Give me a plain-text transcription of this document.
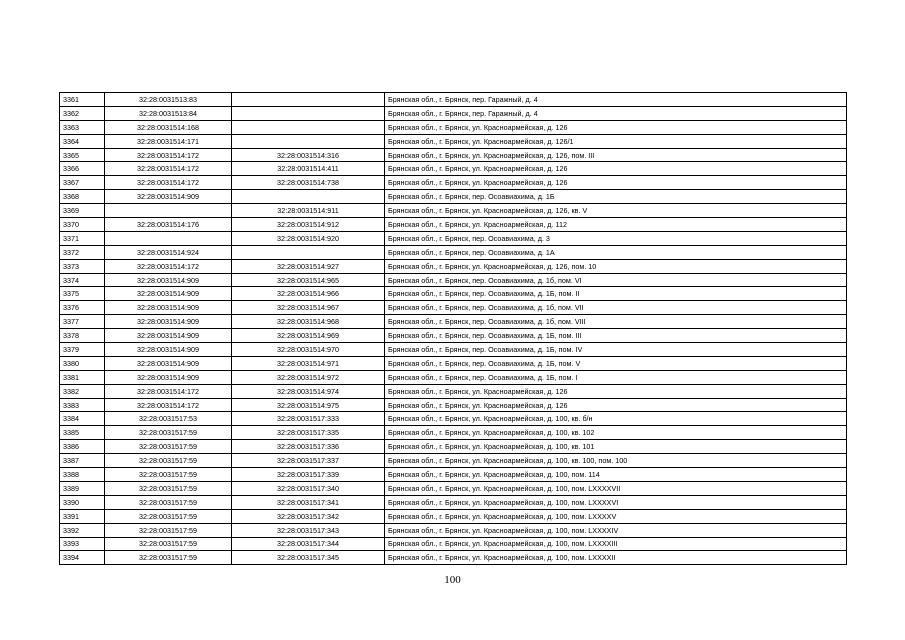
3361	32:28:0031513:83		Брянская обл., г. Брянск, пер. Гаражный, д. 4
3362	32:28:0031513:84		Брянская обл., г. Брянск, пер. Гаражный, д. 4
3363	32:28:0031514:168		Брянская обл., г. Брянск, ул. Красноармейская, д. 126
3364	32:28:0031514:171		Брянская обл., г. Брянск, ул. Красноармейская, д. 126/1
3365	32:28:0031514:172	32:28:0031514:316	Брянская обл., г. Брянск, ул. Красноармейская, д. 126, пом. III
3366	32:28:0031514:172	32:28:0031514:411	Брянская обл., г. Брянск, ул. Красноармейская, д. 126
3367	32:28:0031514:172	32:28:0031514:738	Брянская обл., г. Брянск, ул. Красноармейская, д. 126
3368	32:28:0031514:909		Брянская обл., г. Брянск, пер. Осоавиахима, д. 1Б
3369		32:28:0031514:911	Брянская обл., г. Брянск, ул. Красноармейская, д. 126, кв. V
3370	32:28:0031514:176	32:28:0031514:912	Брянская обл., г. Брянск, ул. Красноармейская, д. 112
3371		32:28:0031514:920	Брянская обл., г. Брянск, пер. Осоавиахима, д. 3
3372	32:28:0031514:924		Брянская обл., г. Брянск, пер. Осоавиахима, д. 1А
3373	32:28:0031514:172	32:28:0031514:927	Брянская обл., г. Брянск, ул. Красноармейская, д. 126, пом. 10
3374	32:28:0031514:909	32:28:0031514:965	Брянская обл., г. Брянск, пер. Осоавиахима, д. 1б, пом. VI
3375	32:28:0031514:909	32:28:0031514:966	Брянская обл., г. Брянск, пер. Осоавиахима, д. 1Б, пом. II
3376	32:28:0031514:909	32:28:0031514:967	Брянская обл., г. Брянск, пер. Осоавиахима, д. 1б, пом. VII
3377	32:28:0031514:909	32:28:0031514:968	Брянская обл., г. Брянск, пер. Осоавиахима, д. 1б, пом. VIII
3378	32:28:0031514:909	32:28:0031514:969	Брянская обл., г. Брянск, пер. Осоавиахима, д. 1Б, пом. III
3379	32:28:0031514:909	32:28:0031514:970	Брянская обл., г. Брянск, пер. Осоавиахима, д. 1Б, пом. IV
3380	32:28:0031514:909	32:28:0031514:971	Брянская обл., г. Брянск, пер. Осоавиахима, д. 1Б, пом. V
3381	32:28:0031514:909	32:28:0031514:972	Брянская обл., г. Брянск, пер. Осоавиахима, д. 1Б, пом. I
3382	32:28:0031514:172	32:28:0031514:974	Брянская обл., г. Брянск, ул. Красноармейская, д. 126
3383	32:28:0031514:172	32:28:0031514:975	Брянская обл., г. Брянск, ул. Красноармейская, д. 126
3384	32:28:0031517:53	32:28:0031517:333	Брянская обл., г. Брянск, ул. Красноармейская, д. 100, кв. б/н
3385	32:28:0031517:59	32:28:0031517:335	Брянская обл., г. Брянск, ул. Красноармейская, д. 100, кв. 102
3386	32:28:0031517:59	32:28:0031517:336	Брянская обл., г. Брянск, ул. Красноармейская, д. 100, кв. 101
3387	32:28:0031517:59	32:28:0031517:337	Брянская обл., г. Брянск, ул. Красноармейская, д. 100, кв. 100, пом. 100
3388	32:28:0031517:59	32:28:0031517:339	Брянская обл., г. Брянск, ул. Красноармейская, д. 100, пом. 114
3389	32:28:0031517:59	32:28:0031517:340	Брянская обл., г. Брянск, ул. Красноармейская, д. 100, пом. LXXXXVII
3390	32:28:0031517:59	32:28:0031517:341	Брянская обл., г. Брянск, ул. Красноармейская, д. 100, пом. LXXXXVI
3391	32:28:0031517:59	32:28:0031517:342	Брянская обл., г. Брянск, ул. Красноармейская, д. 100, пом. LXXXXV
3392	32:28:0031517:59	32:28:0031517:343	Брянская обл., г. Брянск, ул. Красноармейская, д. 100, пом. LXXXXIV
3393	32:28:0031517:59	32:28:0031517:344	Брянская обл., г. Брянск, ул. Красноармейская, д. 100, пом. LXXXXIII
3394	32:28:0031517:59	32:28:0031517:345	Брянская обл., г. Брянск, ул. Красноармейская, д. 100, пом. LXXXXII
100
